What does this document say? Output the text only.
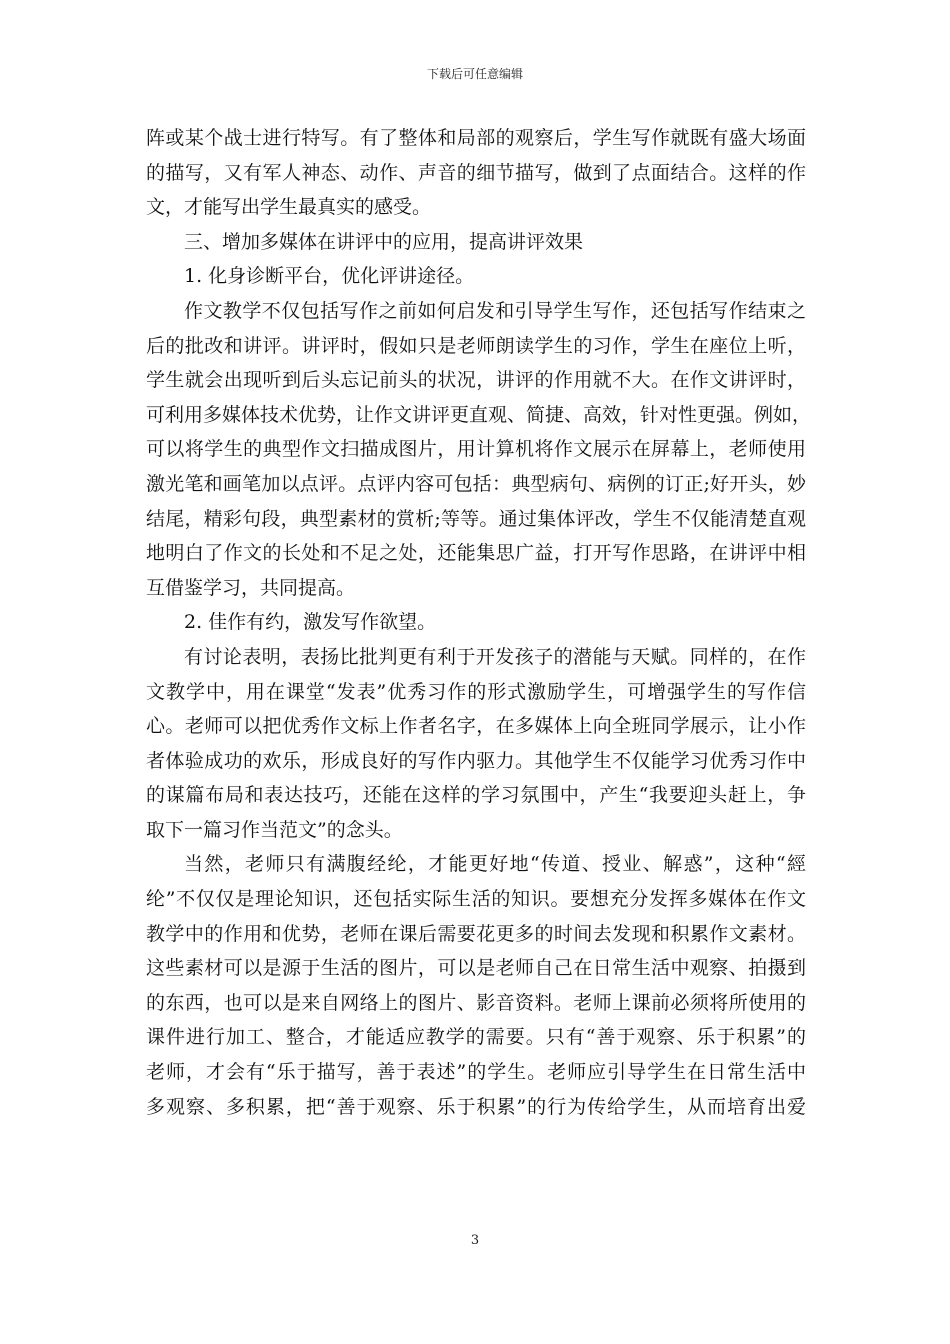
下载后可任意编辑
阵或某个战士进行特写。有了整体和局部的观察后，学生写作就既有盛大场面
的描写，又有军人神态、动作、声音的细节描写，做到了点面结合。这样的作
文，才能写出学生最真实的感受。
三、增加多媒体在讲评中的应用，提高讲评效果
1. 化身诊断平台，优化评讲途径。
作文教学不仅包括写作之前如何启发和引导学生写作，还包括写作结束之
后的批改和讲评。讲评时，假如只是老师朗读学生的习作，学生在座位上听，
学生就会出现听到后头忘记前头的状况，讲评的作用就不大。在作文讲评时，
可利用多媒体技术优势，让作文讲评更直观、简捷、高效，针对性更强。例如，
可以将学生的典型作文扫描成图片，用计算机将作文展示在屏幕上，老师使用
激光笔和画笔加以点评。点评内容可包括：典型病句、病例的订正;好开头，妙
结尾，精彩句段，典型素材的赏析;等等。通过集体评改，学生不仅能清楚直观
地明白了作文的长处和不足之处，还能集思广益，打开写作思路，在讲评中相
互借鉴学习，共同提高。
2. 佳作有约，激发写作欲望。
有讨论表明，表扬比批判更有利于开发孩子的潜能与天赋。同样的，在作
文教学中，用在课堂“发表”优秀习作的形式激励学生，可增强学生的写作信
心。老师可以把优秀作文标上作者名字，在多媒体上向全班同学展示，让小作
者体验成功的欢乐，形成良好的写作内驱力。其他学生不仅能学习优秀习作中
的谋篇布局和表达技巧，还能在这样的学习氛围中，产生“我要迎头赶上，争
取下一篇习作当范文”的念头。
当然，老师只有满腹经纶，才能更好地“传道、授业、解惑”，这种“經
纶”不仅仅是理论知识，还包括实际生活的知识。要想充分发挥多媒体在作文
教学中的作用和优势，老师在课后需要花更多的时间去发现和积累作文素材。
这些素材可以是源于生活的图片，可以是老师自己在日常生活中观察、拍摄到
的东西，也可以是来自网络上的图片、影音资料。老师上课前必须将所使用的
课件进行加工、整合，才能适应教学的需要。只有“善于观察、乐于积累”的
老师，才会有“乐于描写，善于表述”的学生。老师应引导学生在日常生活中
多观察、多积累，把“善于观察、乐于积累”的行为传给学生，从而培育出爱
3
